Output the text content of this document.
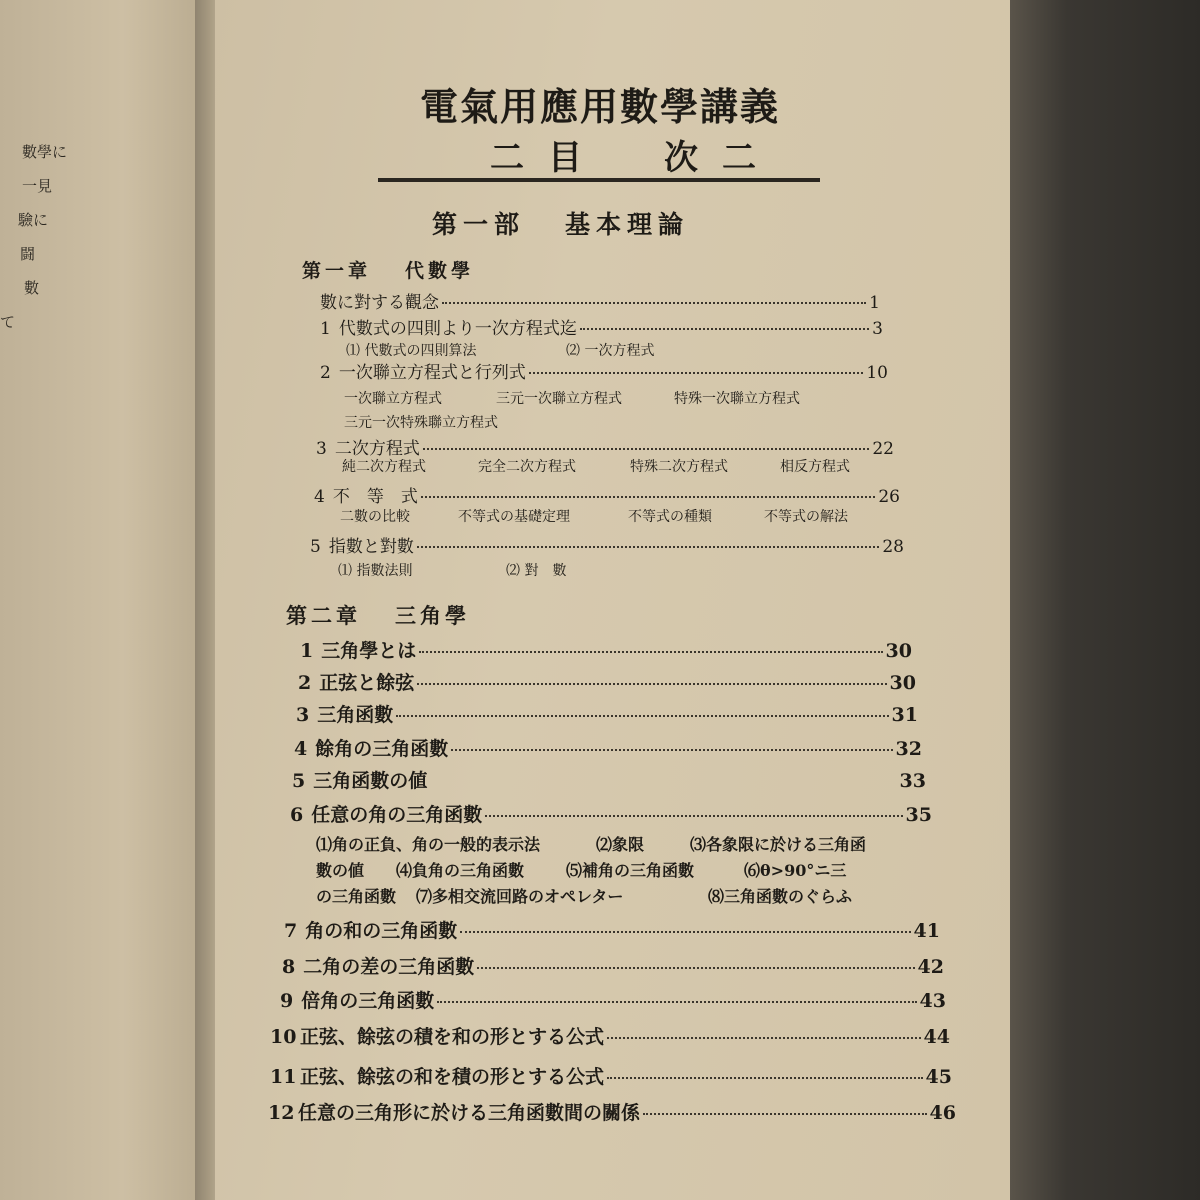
數學に
一見
驗に
闘
數
て
電氣用應用數學講義
二目　次二
第一部 基本理論
第一章 代數學
數に對する觀念	1
1 代數式の四則より一次方程式迄	3
⑴ 代數式の四則算法	⑵ 一次方程式
2 一次聯立方程式と行列式	10
一次聯立方程式	三元一次聯立方程式	特殊一次聯立方程式
三元一次特殊聯立方程式
3 二次方程式	22
純二次方程式	完全二次方程式	特殊二次方程式	相反方程式
4 不　等　式	26
二數の比較	不等式の基礎定理	不等式の種類	不等式の解法
5 指數と對數	28
⑴ 指數法則	⑵ 對　數
第二章 三角學
1 三角學とは	30
2 正弦と餘弦	30
3 三角函數	31
4 餘角の三角函數	32
5 三角函數の値	33
6 任意の角の三角函數	35
⑴角の正負、角の一般的表示法	⑵象限	⑶各象限に於ける三角函
數の値 ⑷負角の三角函數	⑸補角の三角函數	⑹θ>90°ニ三
の三角函數 ⑺多相交流回路のオペレター	⑻三角函數のぐらふ
7 角の和の三角函數	41
8 二角の差の三角函數	42
9 倍角の三角函數	43
10 正弦、餘弦の積を和の形とする公式	44
11 正弦、餘弦の和を積の形とする公式	45
12 任意の三角形に於ける三角函數間の關係	46
